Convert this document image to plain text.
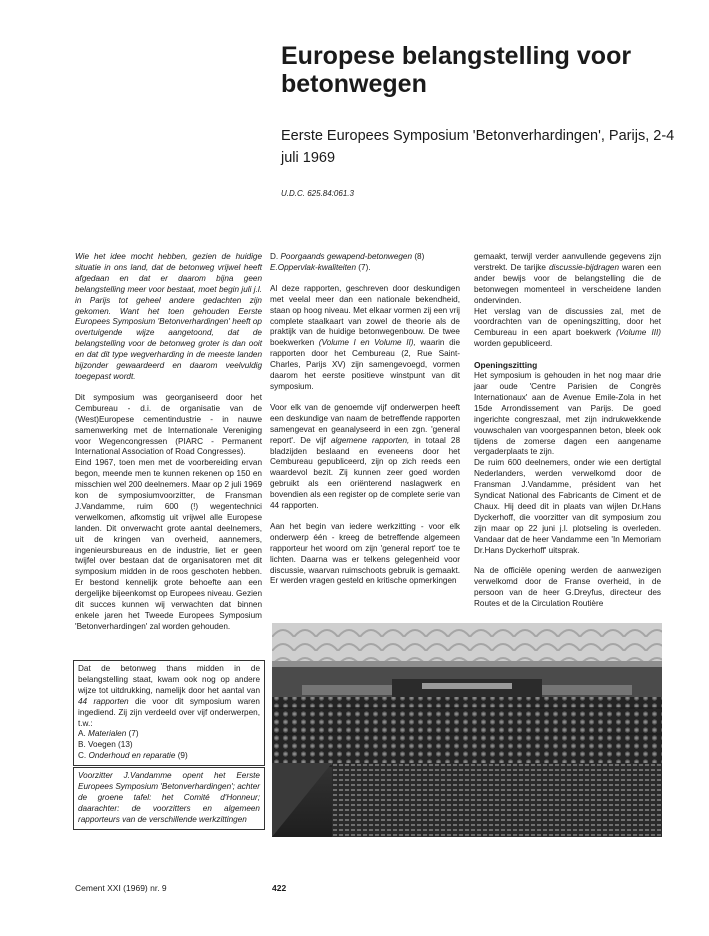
Europese belangstelling voor betonwegen
Eerste Europees Symposium 'Betonverhardingen', Parijs, 2-4 juli 1969
U.D.C. 625.84:061.3

Wie het idee mocht hebben, gezien de huidige situatie in ons land, dat de betonweg vrijwel heeft afgedaan en dat er daarom bijna geen belangstelling meer voor bestaat, moet begin juli j.l. in Parijs tot geheel andere gedachten zijn gekomen. Want het toen gehouden Eerste Europees Symposium 'Betonverhardingen' heeft op overtuigende wijze aangetoond, dat de belangstelling voor de betonweg groter is dan ooit en dat dit type wegverharding in de meeste landen bijzonder gewaardeerd en daarom veelvuldig toegepast wordt.

Dit symposium was georganiseerd door het Cembureau - d.i. de organisatie van de (West)Europese cementindustrie - in nauwe samenwerking met de Internationale Vereniging voor Wegencongressen (PIARC - Permanent International Association of Road Congresses).

Eind 1967, toen men met de voorbereiding ervan begon, meende men te kunnen rekenen op 150 en misschien wel 200 deelnemers. Maar op 2 juli 1969 kon de symposiumvoorzitter, de Fransman J.Vandamme, ruim 600 (!) wegentechnici verwelkomen, afkomstig uit vrijwel alle Europese landen. Dit onverwacht grote aantal deelnemers, uit de kringen van overheid, aannemers, ingenieursbureaus en de industrie, liet er geen twijfel over bestaan dat de organisatoren met dit symposium midden in de roos geschoten hebben. Er bestond kennelijk grote behoefte aan een dergelijke bijeenkomst op Europees niveau. Gezien dit succes kunnen wij verwachten dat binnen enkele jaren het Tweede Europees Symposium 'Betonverhardingen' zal worden gehouden.

Dat de betonweg thans midden in de belangstelling staat, kwam ook nog op andere wijze tot uitdrukking, namelijk door het aantal van 44 rapporten die voor dit symposium waren ingediend. Zij zijn verdeeld over vijf onderwerpen, t.w.:

A. Materialen (7)

B. Voegen (13)

C. Onderhoud en reparatie (9)

Voorzitter J.Vandamme opent het Eerste Europees Symposium 'Betonverhardingen'; achter de groene tafel: het Comité d'Honneur; daarachter: de voorzitters en algemeen rapporteurs van de verschillende werkzittingen

D. Poorgaands gewapend-betonwegen (8)

E.Oppervlak-kwaliteiten (7).

Al deze rapporten, geschreven door deskundigen met veelal meer dan een nationale bekendheid, staan op hoog niveau. Met elkaar vormen zij een vrij complete staalkaart van zowel de theorie als de praktijk van de huidige betonwegenbouw. De twee boekwerken (Volume I en Volume II), waarin die rapporten door het Cembureau (2, Rue Saint-Charles, Parijs XV) zijn samengevoegd, vormen daarom het eerste positieve winstpunt van dit symposium.

Voor elk van de genoemde vijf onderwerpen heeft een deskundige van naam de betreffende rapporten samengevat en geanalyseerd in een zgn. 'general report'. De vijf algemene rapporten, in totaal 28 bladzijden beslaand en eveneens door het Cembureau gepubliceerd, zijn op zich reeds een waardevol bezit. Zij kunnen zeer goed worden gebruikt als een oriënterend naslagwerk en bovendien als een register op de complete serie van 44 rapporten.

Aan het begin van iedere werkzitting - voor elk onderwerp één - kreeg de betreffende algemeen rapporteur het woord om zijn 'general report' toe te lichten. Daarna was er telkens gelegenheid voor discussie, waarvan ruimschoots gebruik is gemaakt. Er werden vragen gesteld en kritische opmerkingen

gemaakt, terwijl verder aanvullende gegevens zijn verstrekt. De tarijke discussie-bijdragen waren een ander bewijs voor de belangstelling die de betonwegen momenteel in verscheidene landen ondervinden.

Het verslag van de discussies zal, met de voordrachten van de openingszitting, door het Cembureau in een apart boekwerk (Volume III) worden gepubliceerd.

Openingszitting

Het symposium is gehouden in het nog maar drie jaar oude 'Centre Parisien de Congrès Internationaux' aan de Avenue Emile-Zola in het 15de Arrondissement van Parijs. De goed ingerichte congreszaal, met zijn indrukwekkende vouwschalen van voorgespannen beton, bleek ook tijdens de zomerse dagen een aangename vergaderplaats te zijn.

De ruim 600 deelnemers, onder wie een dertigtal Nederlanders, werden verwelkomd door de Fransman J.Vandamme, président van het Syndicat National des Fabricants de Ciment et de Chaux. Hij deed dit in plaats van wijlen Dr.Hans Dyckerhoff, die voorzitter van dit symposium zou zijn maar op 22 juni j.l. plotseling is overleden. Vandaar dat de heer Vandamme een 'In Memoriam Dr.Hans Dyckerhoff' uitsprak.

Na de officiële opening werden de aanwezigen verwelkomd door de Franse overheid, in de persoon van de heer G.Dreyfus, directeur des Routes et de la Circulation Routière

Cement XXI (1969) nr. 9	422
